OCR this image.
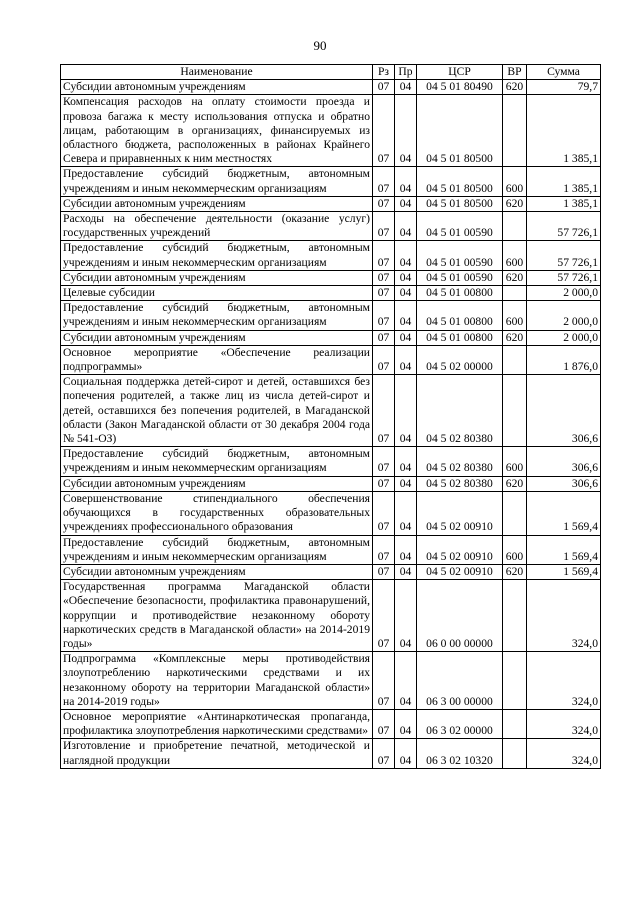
90
Наименование	Рз	Пр	ЦСР	ВР	Сумма
Субсидии автономным учреждениям	07	04	04 5 01 80490	620	79,7
Компенсация расходов на оплату стоимости проезда и провоза багажа к месту использования отпуска и обратно лицам, работающим в организациях, финансируемых из областного бюджета, расположенных в районах Крайнего Севера и приравненных к ним местностях	07	04	04 5 01 80500		1 385,1
Предоставление субсидий бюджетным, автономным учреждениям и иным некоммерческим организациям	07	04	04 5 01 80500	600	1 385,1
Субсидии автономным учреждениям	07	04	04 5 01 80500	620	1 385,1
Расходы на обеспечение деятельности (оказание услуг) государственных учреждений	07	04	04 5 01 00590		57 726,1
Предоставление субсидий бюджетным, автономным учреждениям и иным некоммерческим организациям	07	04	04 5 01 00590	600	57 726,1
Субсидии автономным учреждениям	07	04	04 5 01 00590	620	57 726,1
Целевые субсидии	07	04	04 5 01 00800		2 000,0
Предоставление субсидий бюджетным, автономным учреждениям и иным некоммерческим организациям	07	04	04 5 01 00800	600	2 000,0
Субсидии автономным учреждениям	07	04	04 5 01 00800	620	2 000,0
Основное мероприятие «Обеспечение реализации подпрограммы»	07	04	04 5 02 00000		1 876,0
Социальная поддержка детей-сирот и детей, оставшихся без попечения родителей, а также лиц из числа детей-сирот и детей, оставшихся без попечения родителей, в Магаданской области (Закон Магаданской области от 30 декабря 2004 года № 541-ОЗ)	07	04	04 5 02 80380		306,6
Предоставление субсидий бюджетным, автономным учреждениям и иным некоммерческим организациям	07	04	04 5 02 80380	600	306,6
Субсидии автономным учреждениям	07	04	04 5 02 80380	620	306,6
Совершенствование стипендиального обеспечения обучающихся в государственных образовательных учреждениях профессионального образования	07	04	04 5 02 00910		1 569,4
Предоставление субсидий бюджетным, автономным учреждениям и иным некоммерческим организациям	07	04	04 5 02 00910	600	1 569,4
Субсидии автономным учреждениям	07	04	04 5 02 00910	620	1 569,4
Государственная программа Магаданской области «Обеспечение безопасности, профилактика правонарушений, коррупции и противодействие незаконному обороту наркотических средств в Магаданской области» на 2014-2019 годы»	07	04	06 0 00 00000		324,0
Подпрограмма «Комплексные меры противодействия злоупотреблению наркотическими средствами и их незаконному обороту на территории Магаданской области» на 2014-2019 годы»	07	04	06 3 00 00000		324,0
Основное мероприятие «Антинаркотическая пропаганда, профилактика злоупотребления наркотическими средствами»	07	04	06 3 02 00000		324,0
Изготовление и приобретение печатной, методической и наглядной продукции	07	04	06 3 02 10320		324,0
